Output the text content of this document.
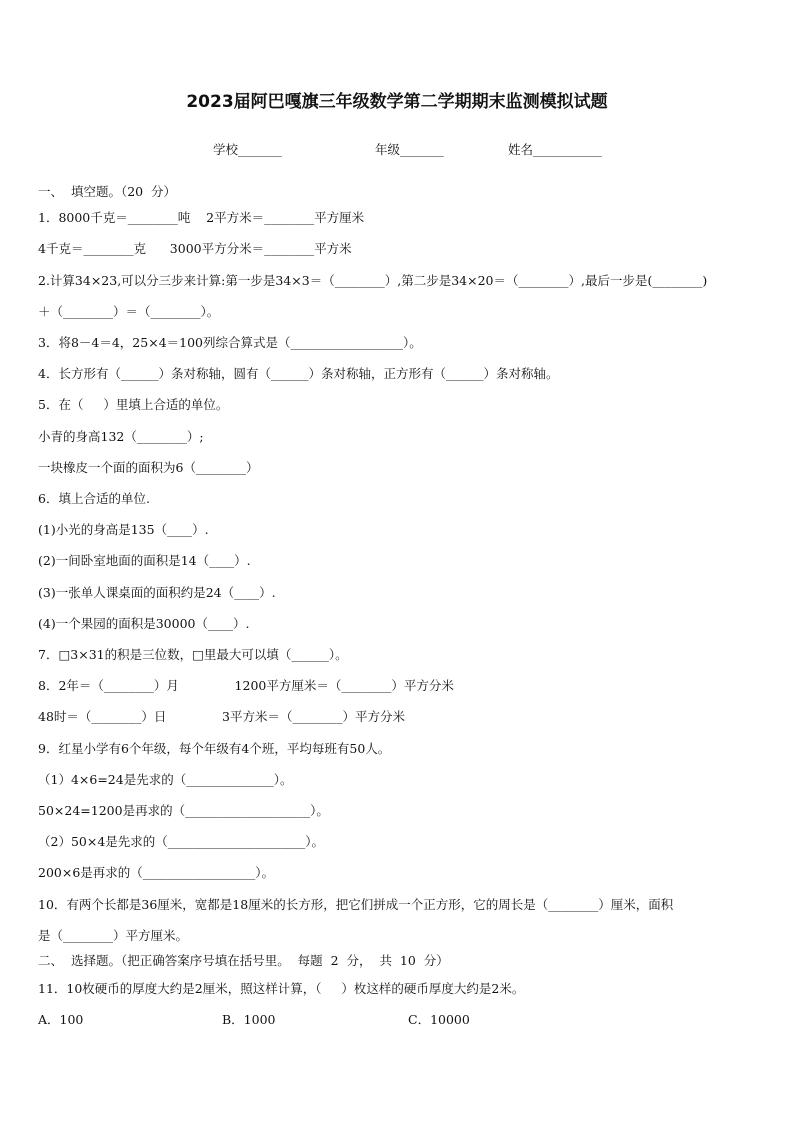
2023届阿巴嘎旗三年级数学第二学期期末监测模拟试题
学校_______	年级_______	姓名___________
一、  填空题。（20  分）
1．8000千克＝________吨    2平方米＝________平方厘米
4千克＝________克      3000平方分米＝________平方米
2.计算34×23,可以分三步来计算:第一步是34×3＝（________）,第二步是34×20＝（________）,最后一步是(________)
＋（________）＝（________）。
3．将8－4＝4，25×4＝100列综合算式是（__________________）。
4．长方形有（______）条对称轴，圆有（______）条对称轴，正方形有（______）条对称轴。
5．在（     ）里填上合适的单位。
小青的身高132（________）;
一块橡皮一个面的面积为6（________）
6．填上合适的单位.
(1)小光的身高是135（____）.
(2)一间卧室地面的面积是14（____）.
(3)一张单人课桌面的面积约是24（____）.
(4)一个果园的面积是30000（____）.
7．□3×31的积是三位数，□里最大可以填（______）。
8．2年＝（________）月              1200平方厘米＝（________）平方分米
48时＝（________）日              3平方米＝（________）平方分米
9．红星小学有6个年级，每个年级有4个班，平均每班有50人。
（1）4×6=24是先求的（______________）。
50×24=1200是再求的（____________________）。
（2）50×4是先求的（______________________）。
200×6是再求的（__________________）。
10．有两个长都是36厘米，宽都是18厘米的长方形，把它们拼成一个正方形，它的周长是（________）厘米，面积
是（________）平方厘米。
二、  选择题。（把正确答案序号填在括号里。  每题  2  分，  共  10  分）
11．10枚硬币的厚度大约是2厘米，照这样计算，（     ）枚这样的硬币厚度大约是2米。
A．100	B．1000	C．10000
